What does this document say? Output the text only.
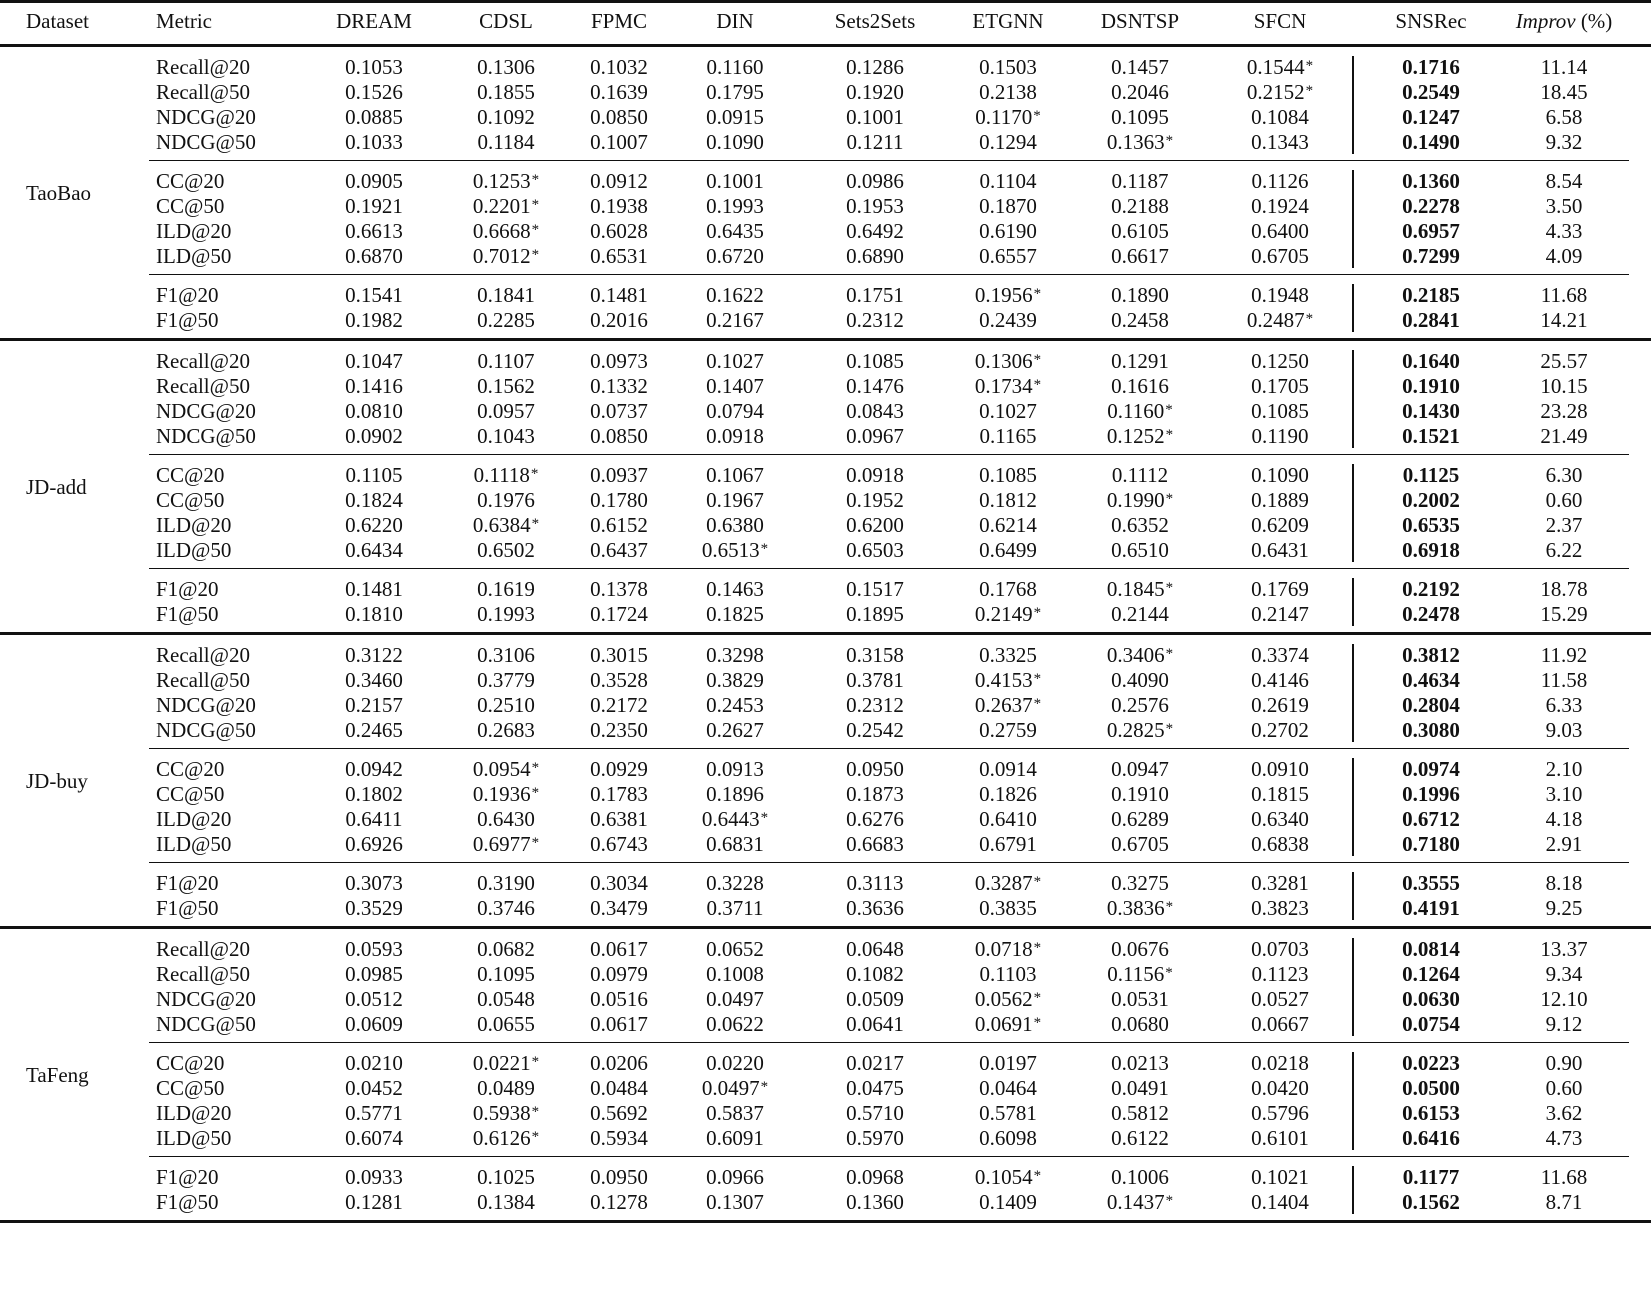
Dataset	Metric	DREAM	CDSL	FPMC	DIN	Sets2Sets	ETGNN	DSNTSP	SFCN	SNSRec	Improv (%)
Recall@20	0.1053	0.1306	0.1032	0.1160	0.1286	0.1503	0.1457	0.1544*	0.1716	11.14
Recall@50	0.1526	0.1855	0.1639	0.1795	0.1920	0.2138	0.2046	0.2152*	0.2549	18.45
NDCG@20	0.0885	0.1092	0.0850	0.0915	0.1001	0.1170*	0.1095	0.1084	0.1247	6.58
NDCG@50	0.1033	0.1184	0.1007	0.1090	0.1211	0.1294	0.1363*	0.1343	0.1490	9.32
CC@20	0.0905	0.1253*	0.0912	0.1001	0.0986	0.1104	0.1187	0.1126	0.1360	8.54
CC@50	0.1921	0.2201*	0.1938	0.1993	0.1953	0.1870	0.2188	0.1924	0.2278	3.50
ILD@20	0.6613	0.6668*	0.6028	0.6435	0.6492	0.6190	0.6105	0.6400	0.6957	4.33
ILD@50	0.6870	0.7012*	0.6531	0.6720	0.6890	0.6557	0.6617	0.6705	0.7299	4.09
F1@20	0.1541	0.1841	0.1481	0.1622	0.1751	0.1956*	0.1890	0.1948	0.2185	11.68
F1@50	0.1982	0.2285	0.2016	0.2167	0.2312	0.2439	0.2458	0.2487*	0.2841	14.21
TaoBao
Recall@20	0.1047	0.1107	0.0973	0.1027	0.1085	0.1306*	0.1291	0.1250	0.1640	25.57
Recall@50	0.1416	0.1562	0.1332	0.1407	0.1476	0.1734*	0.1616	0.1705	0.1910	10.15
NDCG@20	0.0810	0.0957	0.0737	0.0794	0.0843	0.1027	0.1160*	0.1085	0.1430	23.28
NDCG@50	0.0902	0.1043	0.0850	0.0918	0.0967	0.1165	0.1252*	0.1190	0.1521	21.49
CC@20	0.1105	0.1118*	0.0937	0.1067	0.0918	0.1085	0.1112	0.1090	0.1125	6.30
CC@50	0.1824	0.1976	0.1780	0.1967	0.1952	0.1812	0.1990*	0.1889	0.2002	0.60
ILD@20	0.6220	0.6384*	0.6152	0.6380	0.6200	0.6214	0.6352	0.6209	0.6535	2.37
ILD@50	0.6434	0.6502	0.6437	0.6513*	0.6503	0.6499	0.6510	0.6431	0.6918	6.22
F1@20	0.1481	0.1619	0.1378	0.1463	0.1517	0.1768	0.1845*	0.1769	0.2192	18.78
F1@50	0.1810	0.1993	0.1724	0.1825	0.1895	0.2149*	0.2144	0.2147	0.2478	15.29
JD-add
Recall@20	0.3122	0.3106	0.3015	0.3298	0.3158	0.3325	0.3406*	0.3374	0.3812	11.92
Recall@50	0.3460	0.3779	0.3528	0.3829	0.3781	0.4153*	0.4090	0.4146	0.4634	11.58
NDCG@20	0.2157	0.2510	0.2172	0.2453	0.2312	0.2637*	0.2576	0.2619	0.2804	6.33
NDCG@50	0.2465	0.2683	0.2350	0.2627	0.2542	0.2759	0.2825*	0.2702	0.3080	9.03
CC@20	0.0942	0.0954*	0.0929	0.0913	0.0950	0.0914	0.0947	0.0910	0.0974	2.10
CC@50	0.1802	0.1936*	0.1783	0.1896	0.1873	0.1826	0.1910	0.1815	0.1996	3.10
ILD@20	0.6411	0.6430	0.6381	0.6443*	0.6276	0.6410	0.6289	0.6340	0.6712	4.18
ILD@50	0.6926	0.6977*	0.6743	0.6831	0.6683	0.6791	0.6705	0.6838	0.7180	2.91
F1@20	0.3073	0.3190	0.3034	0.3228	0.3113	0.3287*	0.3275	0.3281	0.3555	8.18
F1@50	0.3529	0.3746	0.3479	0.3711	0.3636	0.3835	0.3836*	0.3823	0.4191	9.25
JD-buy
Recall@20	0.0593	0.0682	0.0617	0.0652	0.0648	0.0718*	0.0676	0.0703	0.0814	13.37
Recall@50	0.0985	0.1095	0.0979	0.1008	0.1082	0.1103	0.1156*	0.1123	0.1264	9.34
NDCG@20	0.0512	0.0548	0.0516	0.0497	0.0509	0.0562*	0.0531	0.0527	0.0630	12.10
NDCG@50	0.0609	0.0655	0.0617	0.0622	0.0641	0.0691*	0.0680	0.0667	0.0754	9.12
CC@20	0.0210	0.0221*	0.0206	0.0220	0.0217	0.0197	0.0213	0.0218	0.0223	0.90
CC@50	0.0452	0.0489	0.0484	0.0497*	0.0475	0.0464	0.0491	0.0420	0.0500	0.60
ILD@20	0.5771	0.5938*	0.5692	0.5837	0.5710	0.5781	0.5812	0.5796	0.6153	3.62
ILD@50	0.6074	0.6126*	0.5934	0.6091	0.5970	0.6098	0.6122	0.6101	0.6416	4.73
F1@20	0.0933	0.1025	0.0950	0.0966	0.0968	0.1054*	0.1006	0.1021	0.1177	11.68
F1@50	0.1281	0.1384	0.1278	0.1307	0.1360	0.1409	0.1437*	0.1404	0.1562	8.71
TaFeng
